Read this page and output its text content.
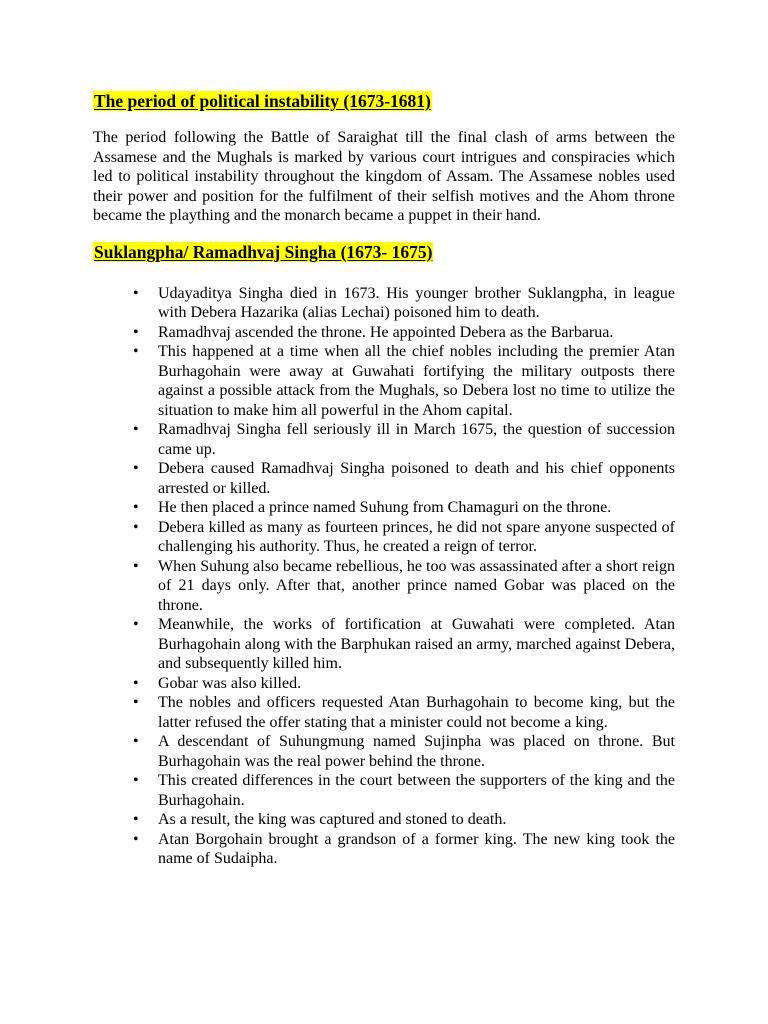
The period of political instability (1673-1681)

The period following the Battle of Saraighat till the final clash of arms between the Assamese and the Mughals is marked by various court intrigues and conspiracies which led to political instability throughout the kingdom of Assam. The Assamese nobles used their power and position for the fulfilment of their selfish motives and the Ahom throne became the plaything and the monarch became a puppet in their hand.

Suklangpha/ Ramadhvaj Singha (1673- 1675)
• Udayaditya Singha died in 1673. His younger brother Suklangpha, in league with Debera Hazarika (alias Lechai) poisoned him to death.
• Ramadhvaj ascended the throne. He appointed Debera as the Barbarua.
• This happened at a time when all the chief nobles including the premier Atan Burhagohain were away at Guwahati fortifying the military outposts there against a possible attack from the Mughals, so Debera lost no time to utilize the situation to make him all powerful in the Ahom capital.
• Ramadhvaj Singha fell seriously ill in March 1675, the question of succession came up.
• Debera caused Ramadhvaj Singha poisoned to death and his chief opponents arrested or killed.
• He then placed a prince named Suhung from Chamaguri on the throne.
• Debera killed as many as fourteen princes, he did not spare anyone suspected of challenging his authority. Thus, he created a reign of terror.
• When Suhung also became rebellious, he too was assassinated after a short reign of 21 days only. After that, another prince named Gobar was placed on the throne.
• Meanwhile, the works of fortification at Guwahati were completed. Atan Burhagohain along with the Barphukan raised an army, marched against Debera, and subsequently killed him.
• Gobar was also killed.
• The nobles and officers requested Atan Burhagohain to become king, but the latter refused the offer stating that a minister could not become a king.
• A descendant of Suhungmung named Sujinpha was placed on throne. But Burhagohain was the real power behind the throne.
• This created differences in the court between the supporters of the king and the Burhagohain.
• As a result, the king was captured and stoned to death.
• Atan Borgohain brought a grandson of a former king. The new king took the name of Sudaipha.
